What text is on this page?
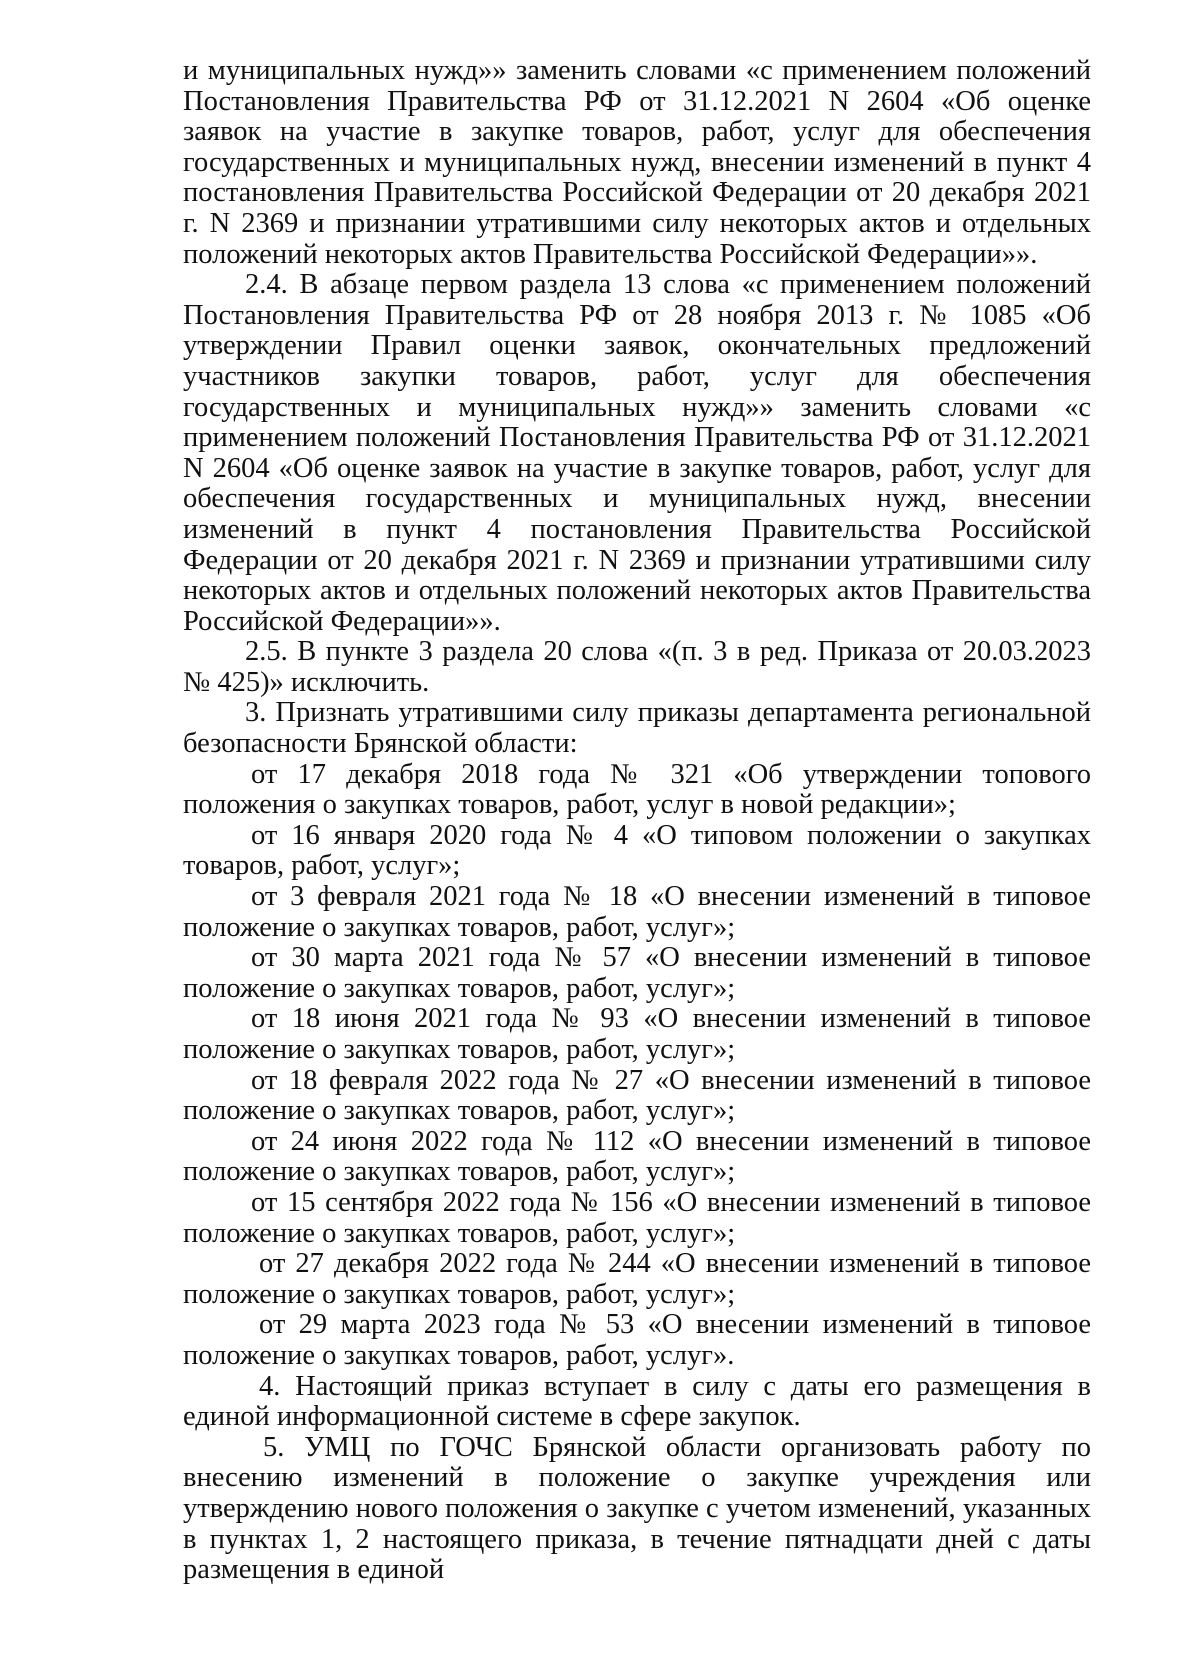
и муниципальных нужд»» заменить словами «с применением положений Постановления Правительства РФ от 31.12.2021 N 2604 «Об оценке заявок на участие в закупке товаров, работ, услуг для обеспечения государственных и муниципальных нужд, внесении изменений в пункт 4 постановления Правительства Российской Федерации от 20 декабря 2021 г. N 2369 и признании утратившими силу некоторых актов и отдельных положений некоторых актов Правительства Российской Федерации»».

2.4. В абзаце первом раздела 13 слова «с применением положений Постановления Правительства РФ от 28 ноября 2013 г. № 1085 «Об утверждении Правил оценки заявок, окончательных предложений участников закупки товаров, работ, услуг для обеспечения государственных и муниципальных нужд»» заменить словами «с применением положений Постановления Правительства РФ от 31.12.2021 N 2604 «Об оценке заявок на участие в закупке товаров, работ, услуг для обеспечения государственных и муниципальных нужд, внесении изменений в пункт 4 постановления Правительства Российской Федерации от 20 декабря 2021 г. N 2369 и признании утратившими силу некоторых актов и отдельных положений некоторых актов Правительства Российской Федерации»».

2.5. В пункте 3 раздела 20 слова «(п. 3 в ред. Приказа от 20.03.2023 № 425)» исключить.

3. Признать утратившими силу приказы департамента региональной безопасности Брянской области:

от 17 декабря 2018 года № 321 «Об утверждении топового положения о закупках товаров, работ, услуг в новой редакции»;

от 16 января 2020 года № 4 «О типовом положении о закупках товаров, работ, услуг»;

от 3 февраля 2021 года № 18 «О внесении изменений в типовое положение о закупках товаров, работ, услуг»;

от 30 марта 2021 года № 57 «О внесении изменений в типовое положение о закупках товаров, работ, услуг»;

от 18 июня 2021 года № 93 «О внесении изменений в типовое положение о закупках товаров, работ, услуг»;

от 18 февраля 2022 года № 27 «О внесении изменений в типовое положение о закупках товаров, работ, услуг»;

от 24 июня 2022 года № 112 «О внесении изменений в типовое положение о закупках товаров, работ, услуг»;

от 15 сентября 2022 года № 156 «О внесении изменений в типовое положение о закупках товаров, работ, услуг»;

от 27 декабря 2022 года № 244 «О внесении изменений в типовое положение о закупках товаров, работ, услуг»;

от 29 марта 2023 года № 53 «О внесении изменений в типовое положение о закупках товаров, работ, услуг».

4. Настоящий приказ вступает в силу с даты его размещения в единой информационной системе в сфере закупок.

5. УМЦ по ГОЧС Брянской области организовать работу по внесению изменений в положение о закупке учреждения или утверждению нового положения о закупке с учетом изменений, указанных в пунктах 1, 2 настоящего приказа, в течение пятнадцати дней с даты размещения в единой
